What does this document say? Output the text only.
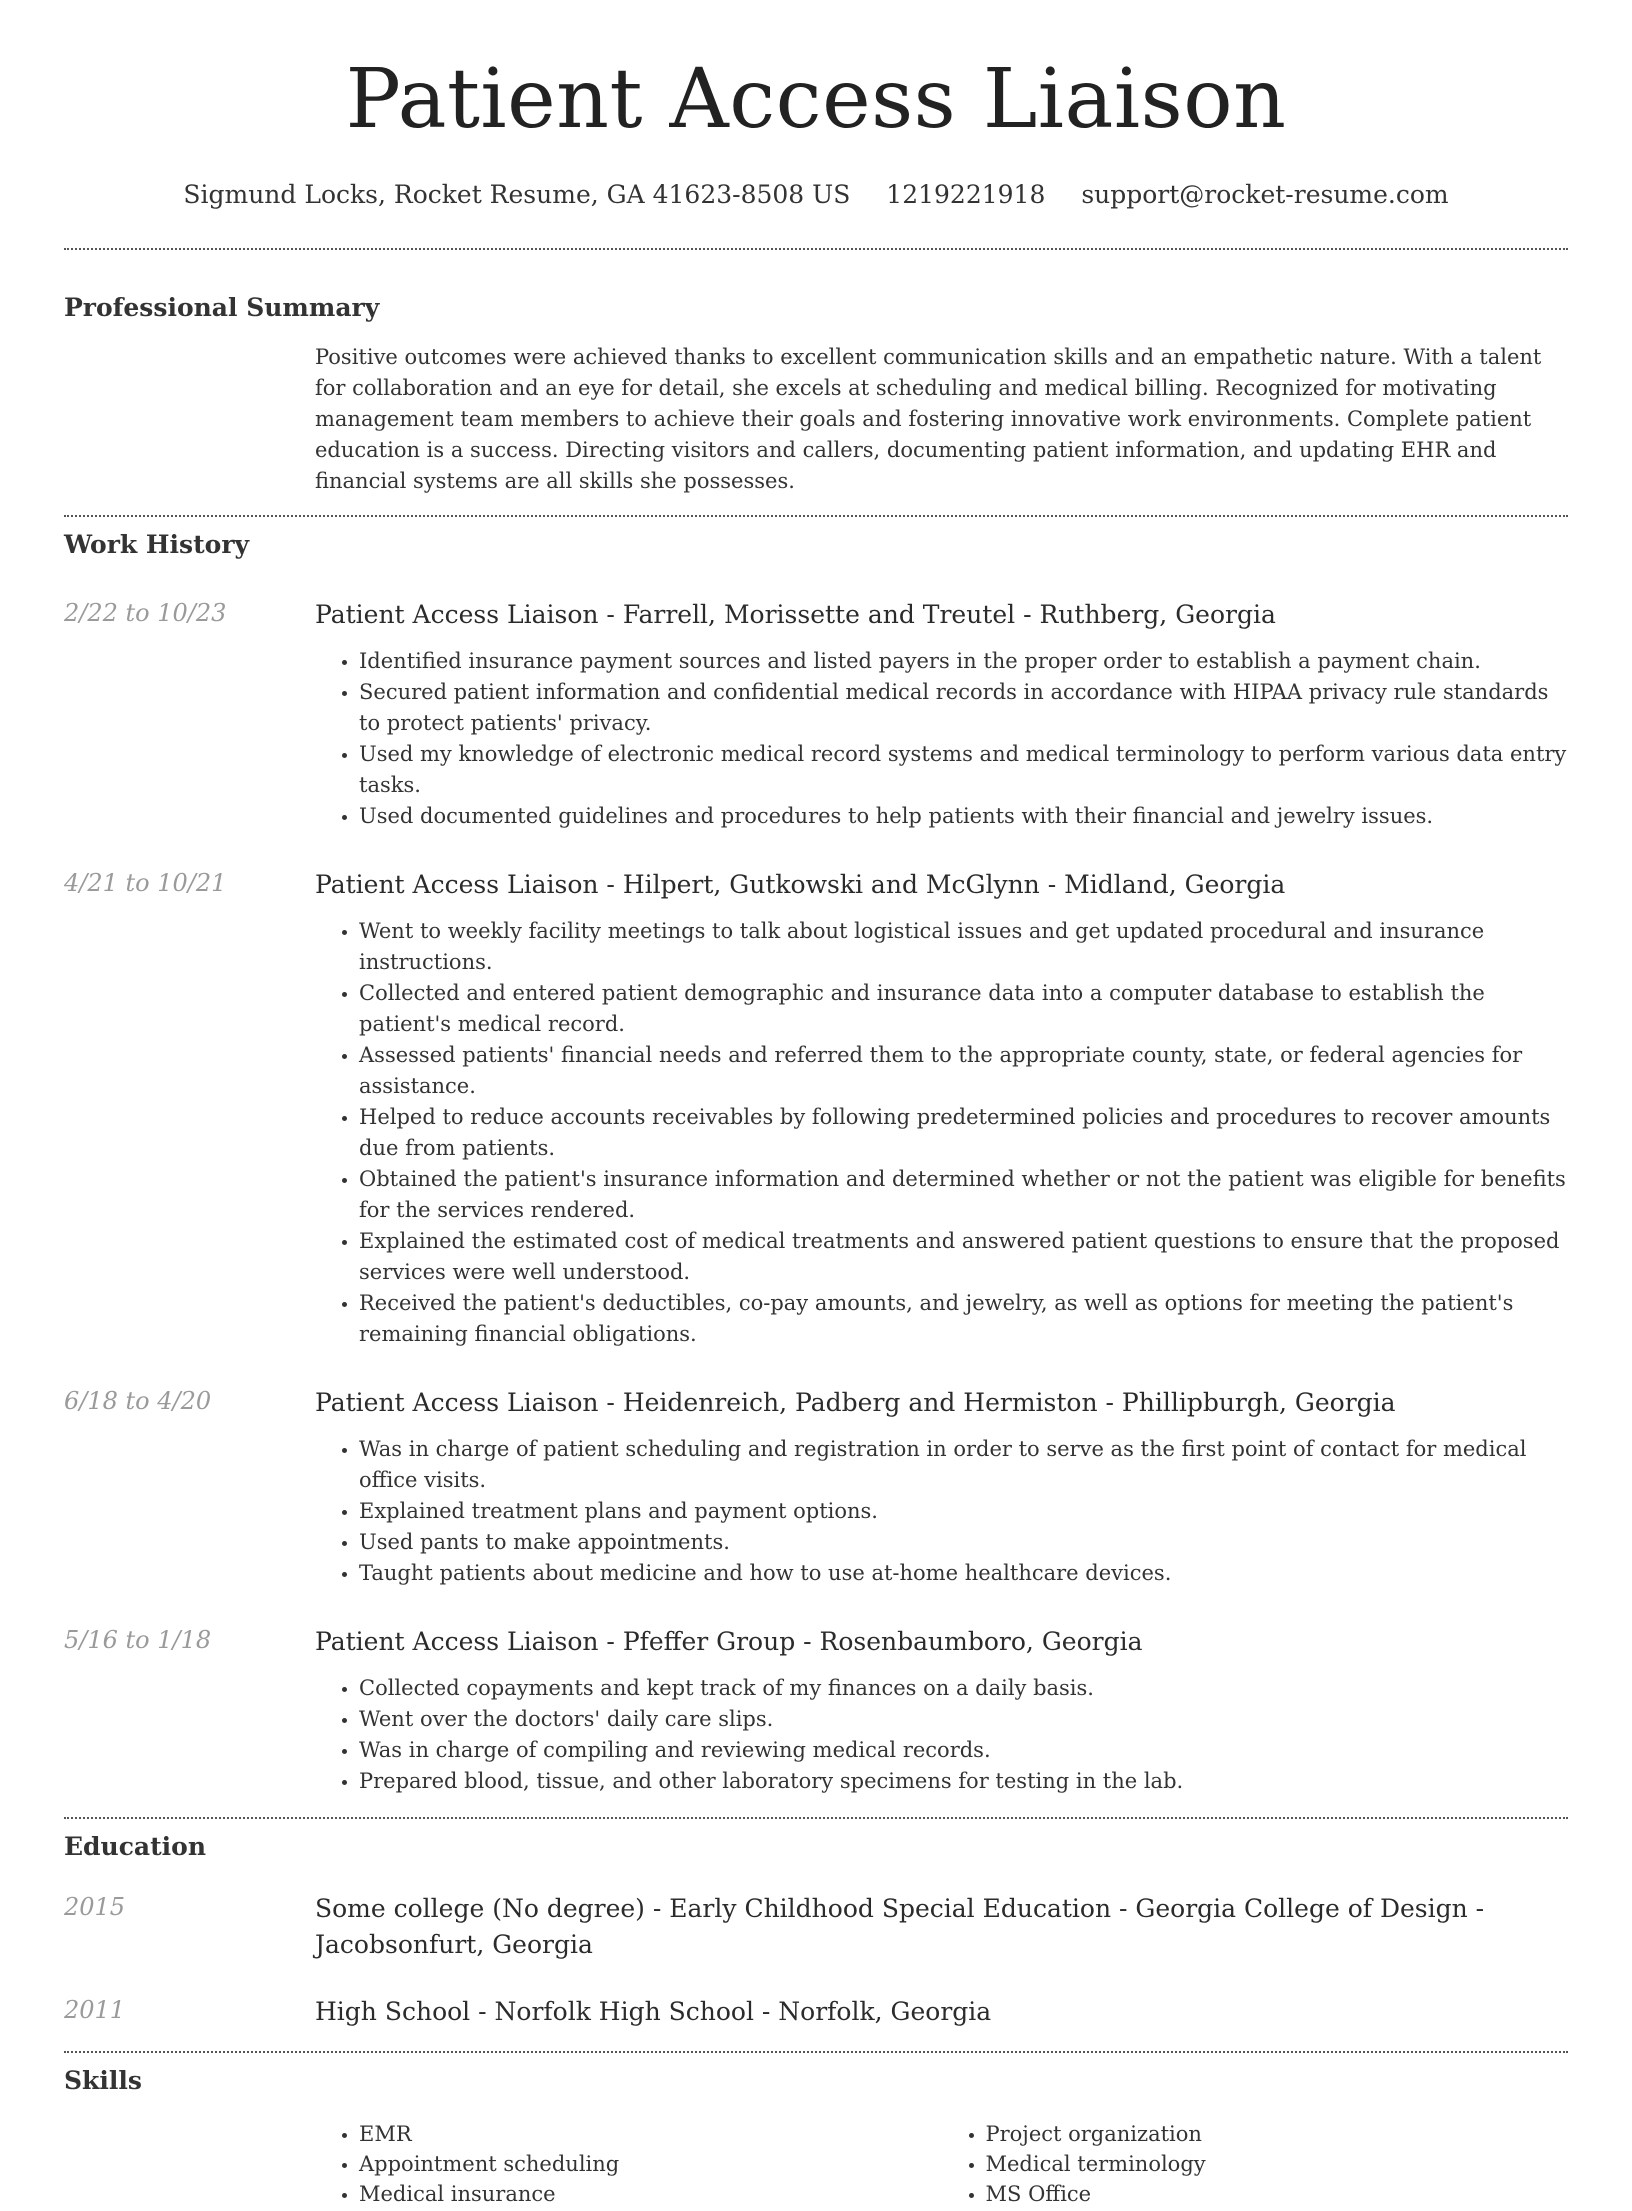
Patient Access Liaison
Sigmund Locks, Rocket Resume, GA 41623-8508 US 1219221918 support@rocket-resume.com
Professional Summary

Positive outcomes were achieved thanks to excellent communication skills and an empathetic nature. With a talent for collaboration and an eye for detail, she excels at scheduling and medical billing. Recognized for motivating management team members to achieve their goals and fostering innovative work environments. Complete patient education is a success. Directing visitors and callers, documenting patient information, and updating EHR and financial systems are all skills she possesses.

Work History
2/22 to 10/23	Patient Access Liaison - Farrell, Morissette and Treutel - Ruthberg, Georgia
• Identified insurance payment sources and listed payers in the proper order to establish a payment chain.
• Secured patient information and confidential medical records in accordance with HIPAA privacy rule standards to protect patients' privacy.
• Used my knowledge of electronic medical record systems and medical terminology to perform various data entry tasks.
• Used documented guidelines and procedures to help patients with their financial and jewelry issues.
4/21 to 10/21	Patient Access Liaison - Hilpert, Gutkowski and McGlynn - Midland, Georgia
• Went to weekly facility meetings to talk about logistical issues and get updated procedural and insurance instructions.
• Collected and entered patient demographic and insurance data into a computer database to establish the patient's medical record.
• Assessed patients' financial needs and referred them to the appropriate county, state, or federal agencies for assistance.
• Helped to reduce accounts receivables by following predetermined policies and procedures to recover amounts due from patients.
• Obtained the patient's insurance information and determined whether or not the patient was eligible for benefits for the services rendered.
• Explained the estimated cost of medical treatments and answered patient questions to ensure that the proposed services were well understood.
• Received the patient's deductibles, co-pay amounts, and jewelry, as well as options for meeting the patient's remaining financial obligations.
6/18 to 4/20	Patient Access Liaison - Heidenreich, Padberg and Hermiston - Phillipburgh, Georgia
• Was in charge of patient scheduling and registration in order to serve as the first point of contact for medical office visits.
• Explained treatment plans and payment options.
• Used pants to make appointments.
• Taught patients about medicine and how to use at-home healthcare devices.
5/16 to 1/18	Patient Access Liaison - Pfeffer Group - Rosenbaumboro, Georgia
• Collected copayments and kept track of my finances on a daily basis.
• Went over the doctors' daily care slips.
• Was in charge of compiling and reviewing medical records.
• Prepared blood, tissue, and other laboratory specimens for testing in the lab.
Education
2015	Some college (No degree) - Early Childhood Special Education - Georgia College of Design - Jacobsonfurt, Georgia
2011	High School - Norfolk High School - Norfolk, Georgia
Skills
• EMR
• Appointment scheduling
• Medical insurance
• Project organization
• Medical terminology
• MS Office
